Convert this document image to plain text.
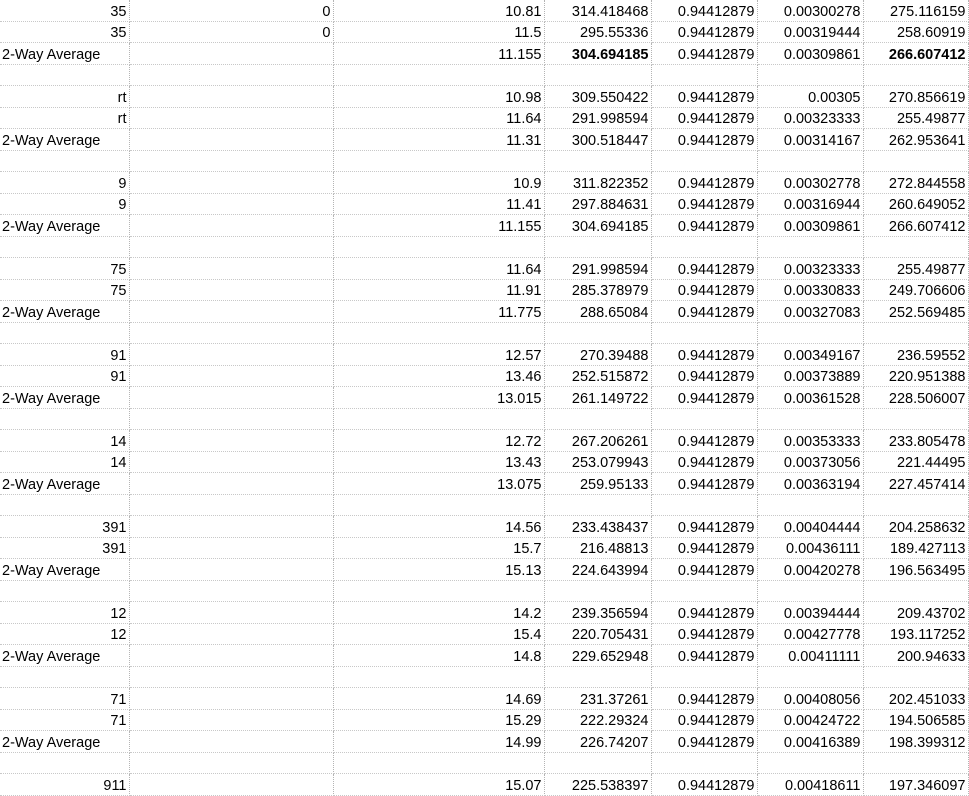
35	0	10.81	314.418468	0.94412879	0.00300278	275.116159
35	0	11.5	295.55336	0.94412879	0.00319444	258.60919
2-Way Average		11.155	304.694185	0.94412879	0.00309861	266.607412

rt		10.98	309.550422	0.94412879	0.00305	270.856619
rt		11.64	291.998594	0.94412879	0.00323333	255.49877
2-Way Average		11.31	300.518447	0.94412879	0.00314167	262.953641

9		10.9	311.822352	0.94412879	0.00302778	272.844558
9		11.41	297.884631	0.94412879	0.00316944	260.649052
2-Way Average		11.155	304.694185	0.94412879	0.00309861	266.607412

75		11.64	291.998594	0.94412879	0.00323333	255.49877
75		11.91	285.378979	0.94412879	0.00330833	249.706606
2-Way Average		11.775	288.65084	0.94412879	0.00327083	252.569485

91		12.57	270.39488	0.94412879	0.00349167	236.59552
91		13.46	252.515872	0.94412879	0.00373889	220.951388
2-Way Average		13.015	261.149722	0.94412879	0.00361528	228.506007

14		12.72	267.206261	0.94412879	0.00353333	233.805478
14		13.43	253.079943	0.94412879	0.00373056	221.44495
2-Way Average		13.075	259.95133	0.94412879	0.00363194	227.457414

391		14.56	233.438437	0.94412879	0.00404444	204.258632
391		15.7	216.48813	0.94412879	0.00436111	189.427113
2-Way Average		15.13	224.643994	0.94412879	0.00420278	196.563495

12		14.2	239.356594	0.94412879	0.00394444	209.43702
12		15.4	220.705431	0.94412879	0.00427778	193.117252
2-Way Average		14.8	229.652948	0.94412879	0.00411111	200.94633

71		14.69	231.37261	0.94412879	0.00408056	202.451033
71		15.29	222.29324	0.94412879	0.00424722	194.506585
2-Way Average		14.99	226.74207	0.94412879	0.00416389	198.399312

911		15.07	225.538397	0.94412879	0.00418611	197.346097
